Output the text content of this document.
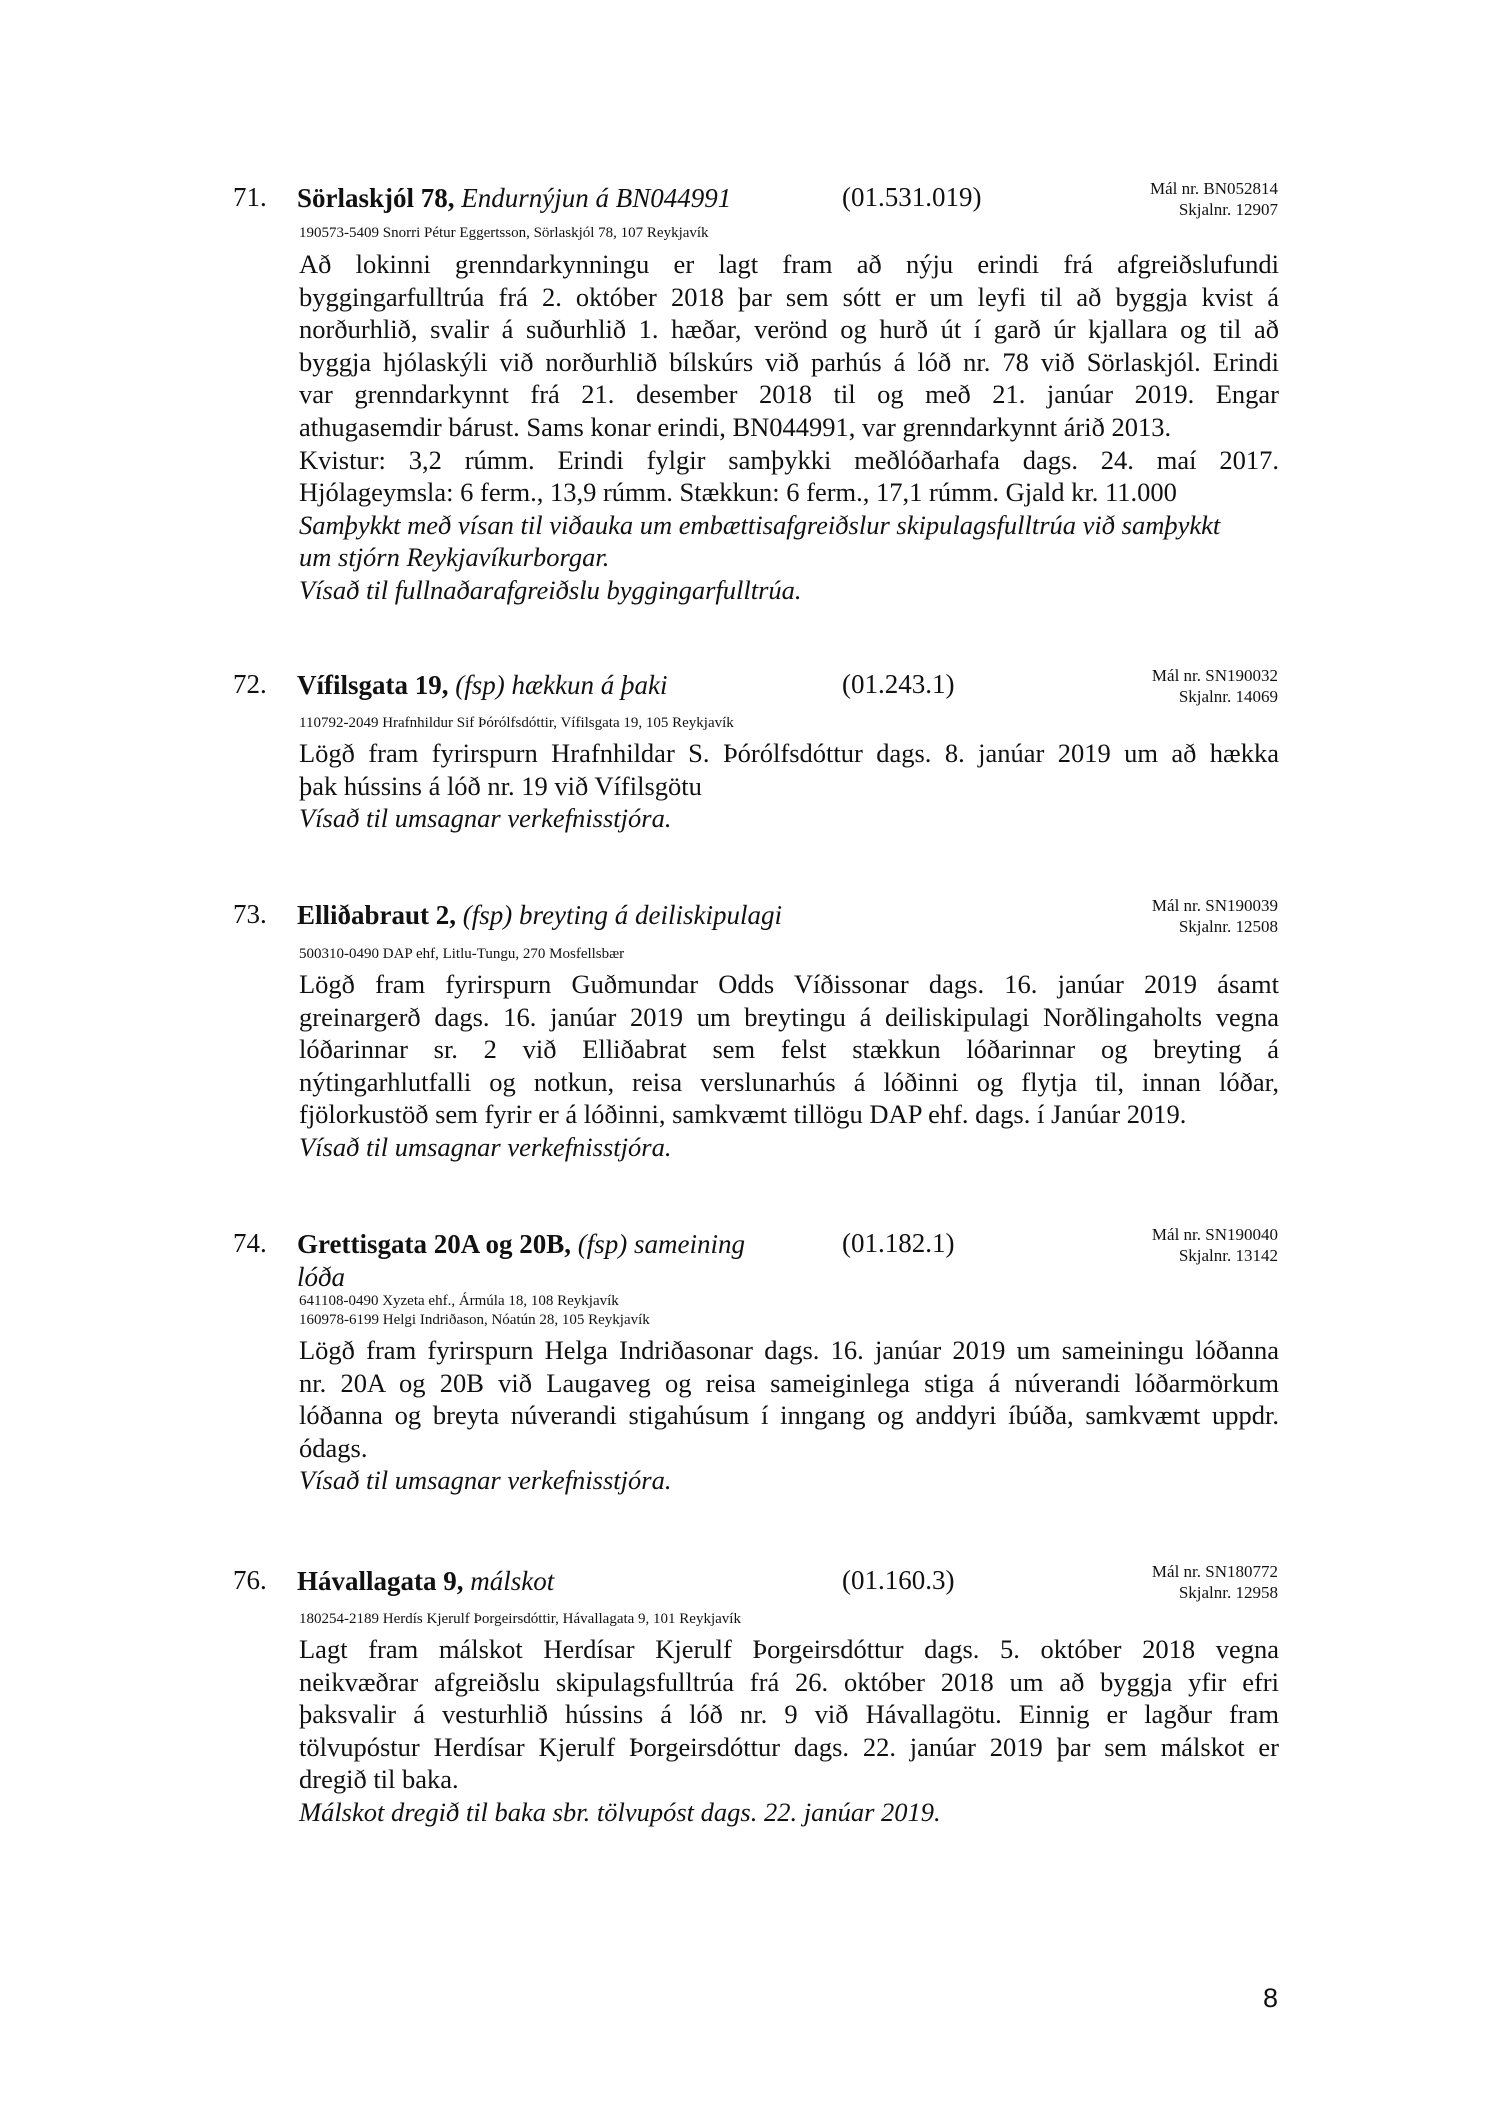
71. Sörlaskjól 78, Endurnýjun á BN044991	(01.531.019)	Mál nr. BN052814
Skjalnr. 12907
190573-5409 Snorri Pétur Eggertsson, Sörlaskjól 78, 107 Reykjavík
Að lokinni grenndarkynningu er lagt fram að nýju erindi frá afgreiðslufundi
byggingarfulltrúa frá 2. október 2018 þar sem sótt er um leyfi til að byggja kvist á
norðurhlið, svalir á suðurhlið 1. hæðar, verönd og hurð út í garð úr kjallara og til að
byggja hjólaskýli við norðurhlið bílskúrs við parhús á lóð nr. 78 við Sörlaskjól. Erindi
var grenndarkynnt frá 21. desember 2018 til og með 21. janúar 2019. Engar
athugasemdir bárust. Sams konar erindi, BN044991, var grenndarkynnt árið 2013.
Kvistur: 3,2 rúmm. Erindi fylgir samþykki meðlóðarhafa dags. 24. maí 2017.
Hjólageymsla: 6 ferm., 13,9 rúmm. Stækkun: 6 ferm., 17,1 rúmm. Gjald kr. 11.000
Samþykkt með vísan til viðauka um embættisafgreiðslur skipulagsfulltrúa við samþykkt
um stjórn Reykjavíkurborgar.
Vísað til fullnaðarafgreiðslu byggingarfulltrúa.
72. Vífilsgata 19, (fsp) hækkun á þaki	(01.243.1)	Mál nr. SN190032
Skjalnr. 14069
110792-2049 Hrafnhildur Sif Þórólfsdóttir, Vífilsgata 19, 105 Reykjavík
Lögð fram fyrirspurn Hrafnhildar S. Þórólfsdóttur dags. 8. janúar 2019 um að hækka
þak hússins á lóð nr. 19 við Vífilsgötu
Vísað til umsagnar verkefnisstjóra.
73. Elliðabraut 2, (fsp) breyting á deiliskipulagi	Mál nr. SN190039
Skjalnr. 12508
500310-0490 DAP ehf, Litlu-Tungu, 270 Mosfellsbær
Lögð fram fyrirspurn Guðmundar Odds Víðissonar dags. 16. janúar 2019 ásamt
greinargerð dags. 16. janúar 2019 um breytingu á deiliskipulagi Norðlingaholts vegna
lóðarinnar sr. 2 við Elliðabrat sem felst stækkun lóðarinnar og breyting á
nýtingarhlutfalli og notkun, reisa verslunarhús á lóðinni og flytja til, innan lóðar,
fjölorkustöð sem fyrir er á lóðinni, samkvæmt tillögu DAP ehf. dags. í Janúar 2019.
Vísað til umsagnar verkefnisstjóra.
74. Grettisgata 20A og 20B, (fsp) sameining lóða
(01.182.1)	Mál nr. SN190040
Skjalnr. 13142
641108-0490 Xyzeta ehf., Ármúla 18, 108 Reykjavík
160978-6199 Helgi Indriðason, Nóatún 28, 105 Reykjavík
Lögð fram fyrirspurn Helga Indriðasonar dags. 16. janúar 2019 um sameiningu lóðanna
nr. 20A og 20B við Laugaveg og reisa sameiginlega stiga á núverandi lóðarmörkum
lóðanna og breyta núverandi stigahúsum í inngang og anddyri íbúða, samkvæmt uppdr.
ódags.
Vísað til umsagnar verkefnisstjóra.
76. Hávallagata 9, málskot	(01.160.3)	Mál nr. SN180772
Skjalnr. 12958
180254-2189 Herdís Kjerulf Þorgeirsdóttir, Hávallagata 9, 101 Reykjavík
Lagt fram málskot Herdísar Kjerulf Þorgeirsdóttur dags. 5. október 2018 vegna
neikvæðrar afgreiðslu skipulagsfulltrúa frá 26. október 2018 um að byggja yfir efri
þaksvalir á vesturhlið hússins á lóð nr. 9 við Hávallagötu. Einnig er lagður fram
tölvupóstur Herdísar Kjerulf Þorgeirsdóttur dags. 22. janúar 2019 þar sem málskot er
dregið til baka.
Málskot dregið til baka sbr. tölvupóst dags. 22. janúar 2019.
8
